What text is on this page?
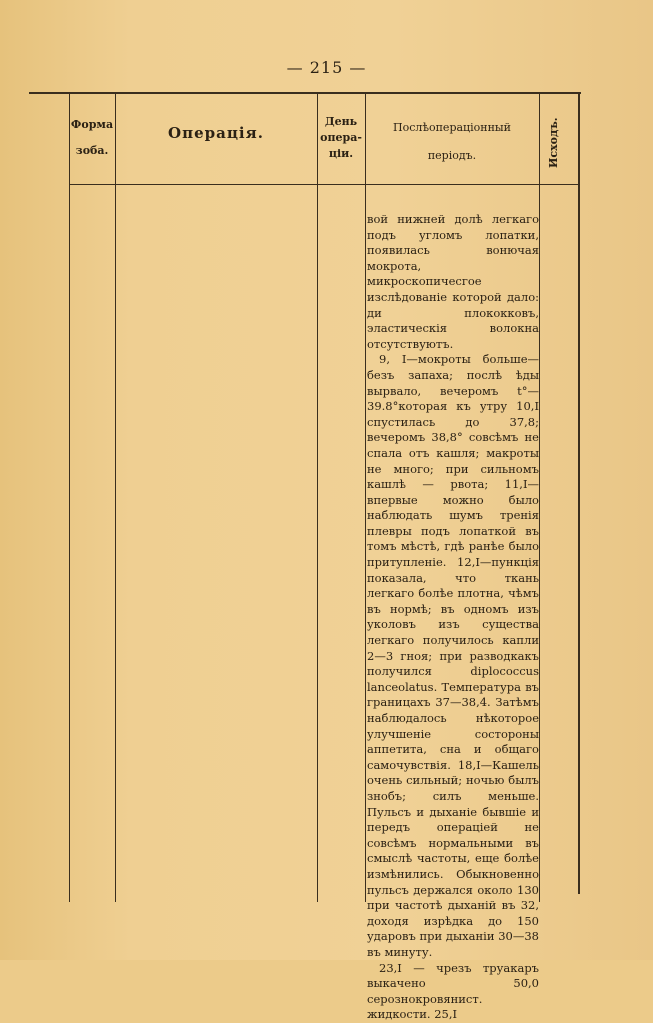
— 215 —
Форма
зоба.
Операція.
День
опера-
ціи.
Послѣопераціонный
періодъ.	Исходъ.

вой нижней долѣ легкаго подъ угломъ лопатки, появилась вонючая мокрота, микроскопичесгое изслѣдованіе которой дало: ди плококковъ, эластическія волокна отсутствуютъ.

9, I—мокроты больше—безъ запаха; послѣ ѣды вырвало, вечеромъ t°—39.8°которая къ утру 10,I спустилась до 37,8; вечеромъ 38,8° совсѣмъ не спала отъ кашля; макроты не много; при сильномъ кашлѣ — рвота; 11,I—впервые можно было наблюдать шумъ тренія плевры подъ лопаткой въ томъ мѣстѣ, гдѣ ранѣе было притупленіе. 12,I—пункція показала, что ткань легкаго болѣе плотна, чѣмъ въ нормѣ; въ одномъ изъ уколовъ изъ существа легкаго получилось капли 2—3 гноя; при разводкакъ получился diplococcus lanceolatus. Температура въ границахъ 37—38,4. Затѣмъ наблюдалось нѣкоторое улучшеніе состороны аппетита, сна и общаго самочувствія. 18,I—Кашель очень сильный; ночью былъ знобъ; силъ меньше. Пульсъ и дыханіе бывшіе и передъ операціей не совсѣмъ нормальными въ смыслѣ частоты, еще болѣе измѣнились. Обыкновенно пульсъ держался около 130 при частотѣ дыханій въ 32, доходя изрѣдка до 150 ударовъ при дыханіи 30—38 въ минуту.

23,I — чрезъ труакаръ выкачено 50,0 серознокровянист. жидкости. 25,I
